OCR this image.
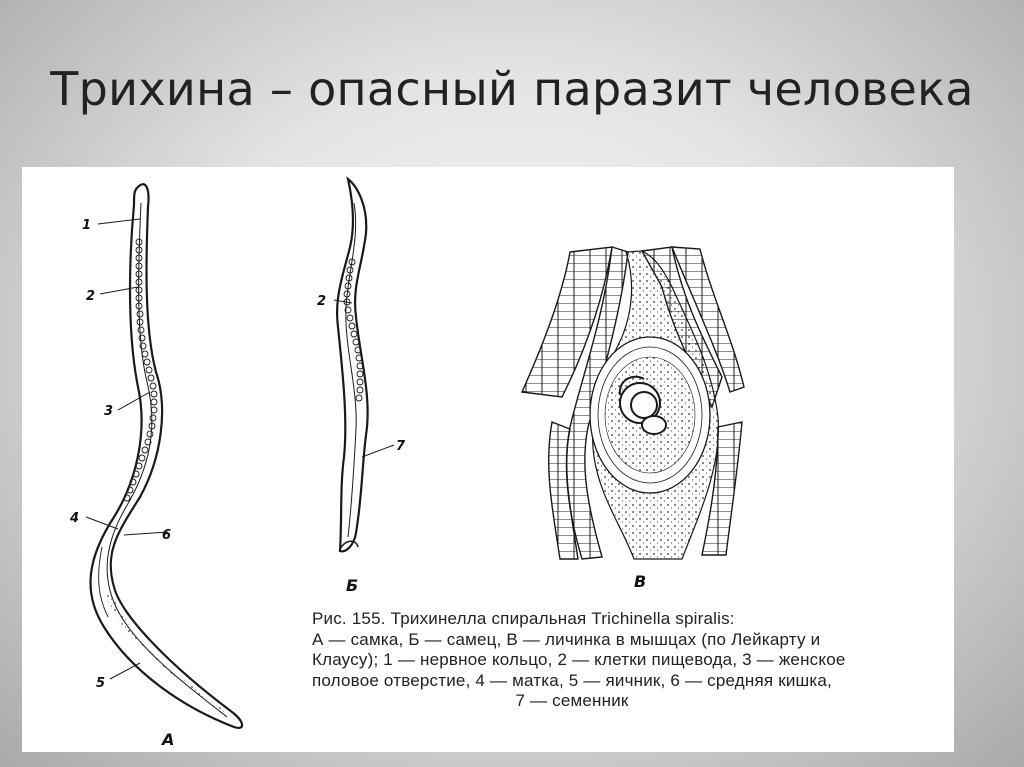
Трихина – опасный паразит человека
1
2
3
4
6
5
А
2
7
Б	В
Рис. 155. Трихинелла спиральная Trichinella spiralis:
А — самка, Б — самец, В — личинка в мышцах (по Лейкарту и
Клаусу); 1 — нервное кольцо, 2 — клетки пищевода, 3 — женское
половое отверстие, 4 — матка, 5 — яичник, 6 — средняя кишка,
7 — семенник
